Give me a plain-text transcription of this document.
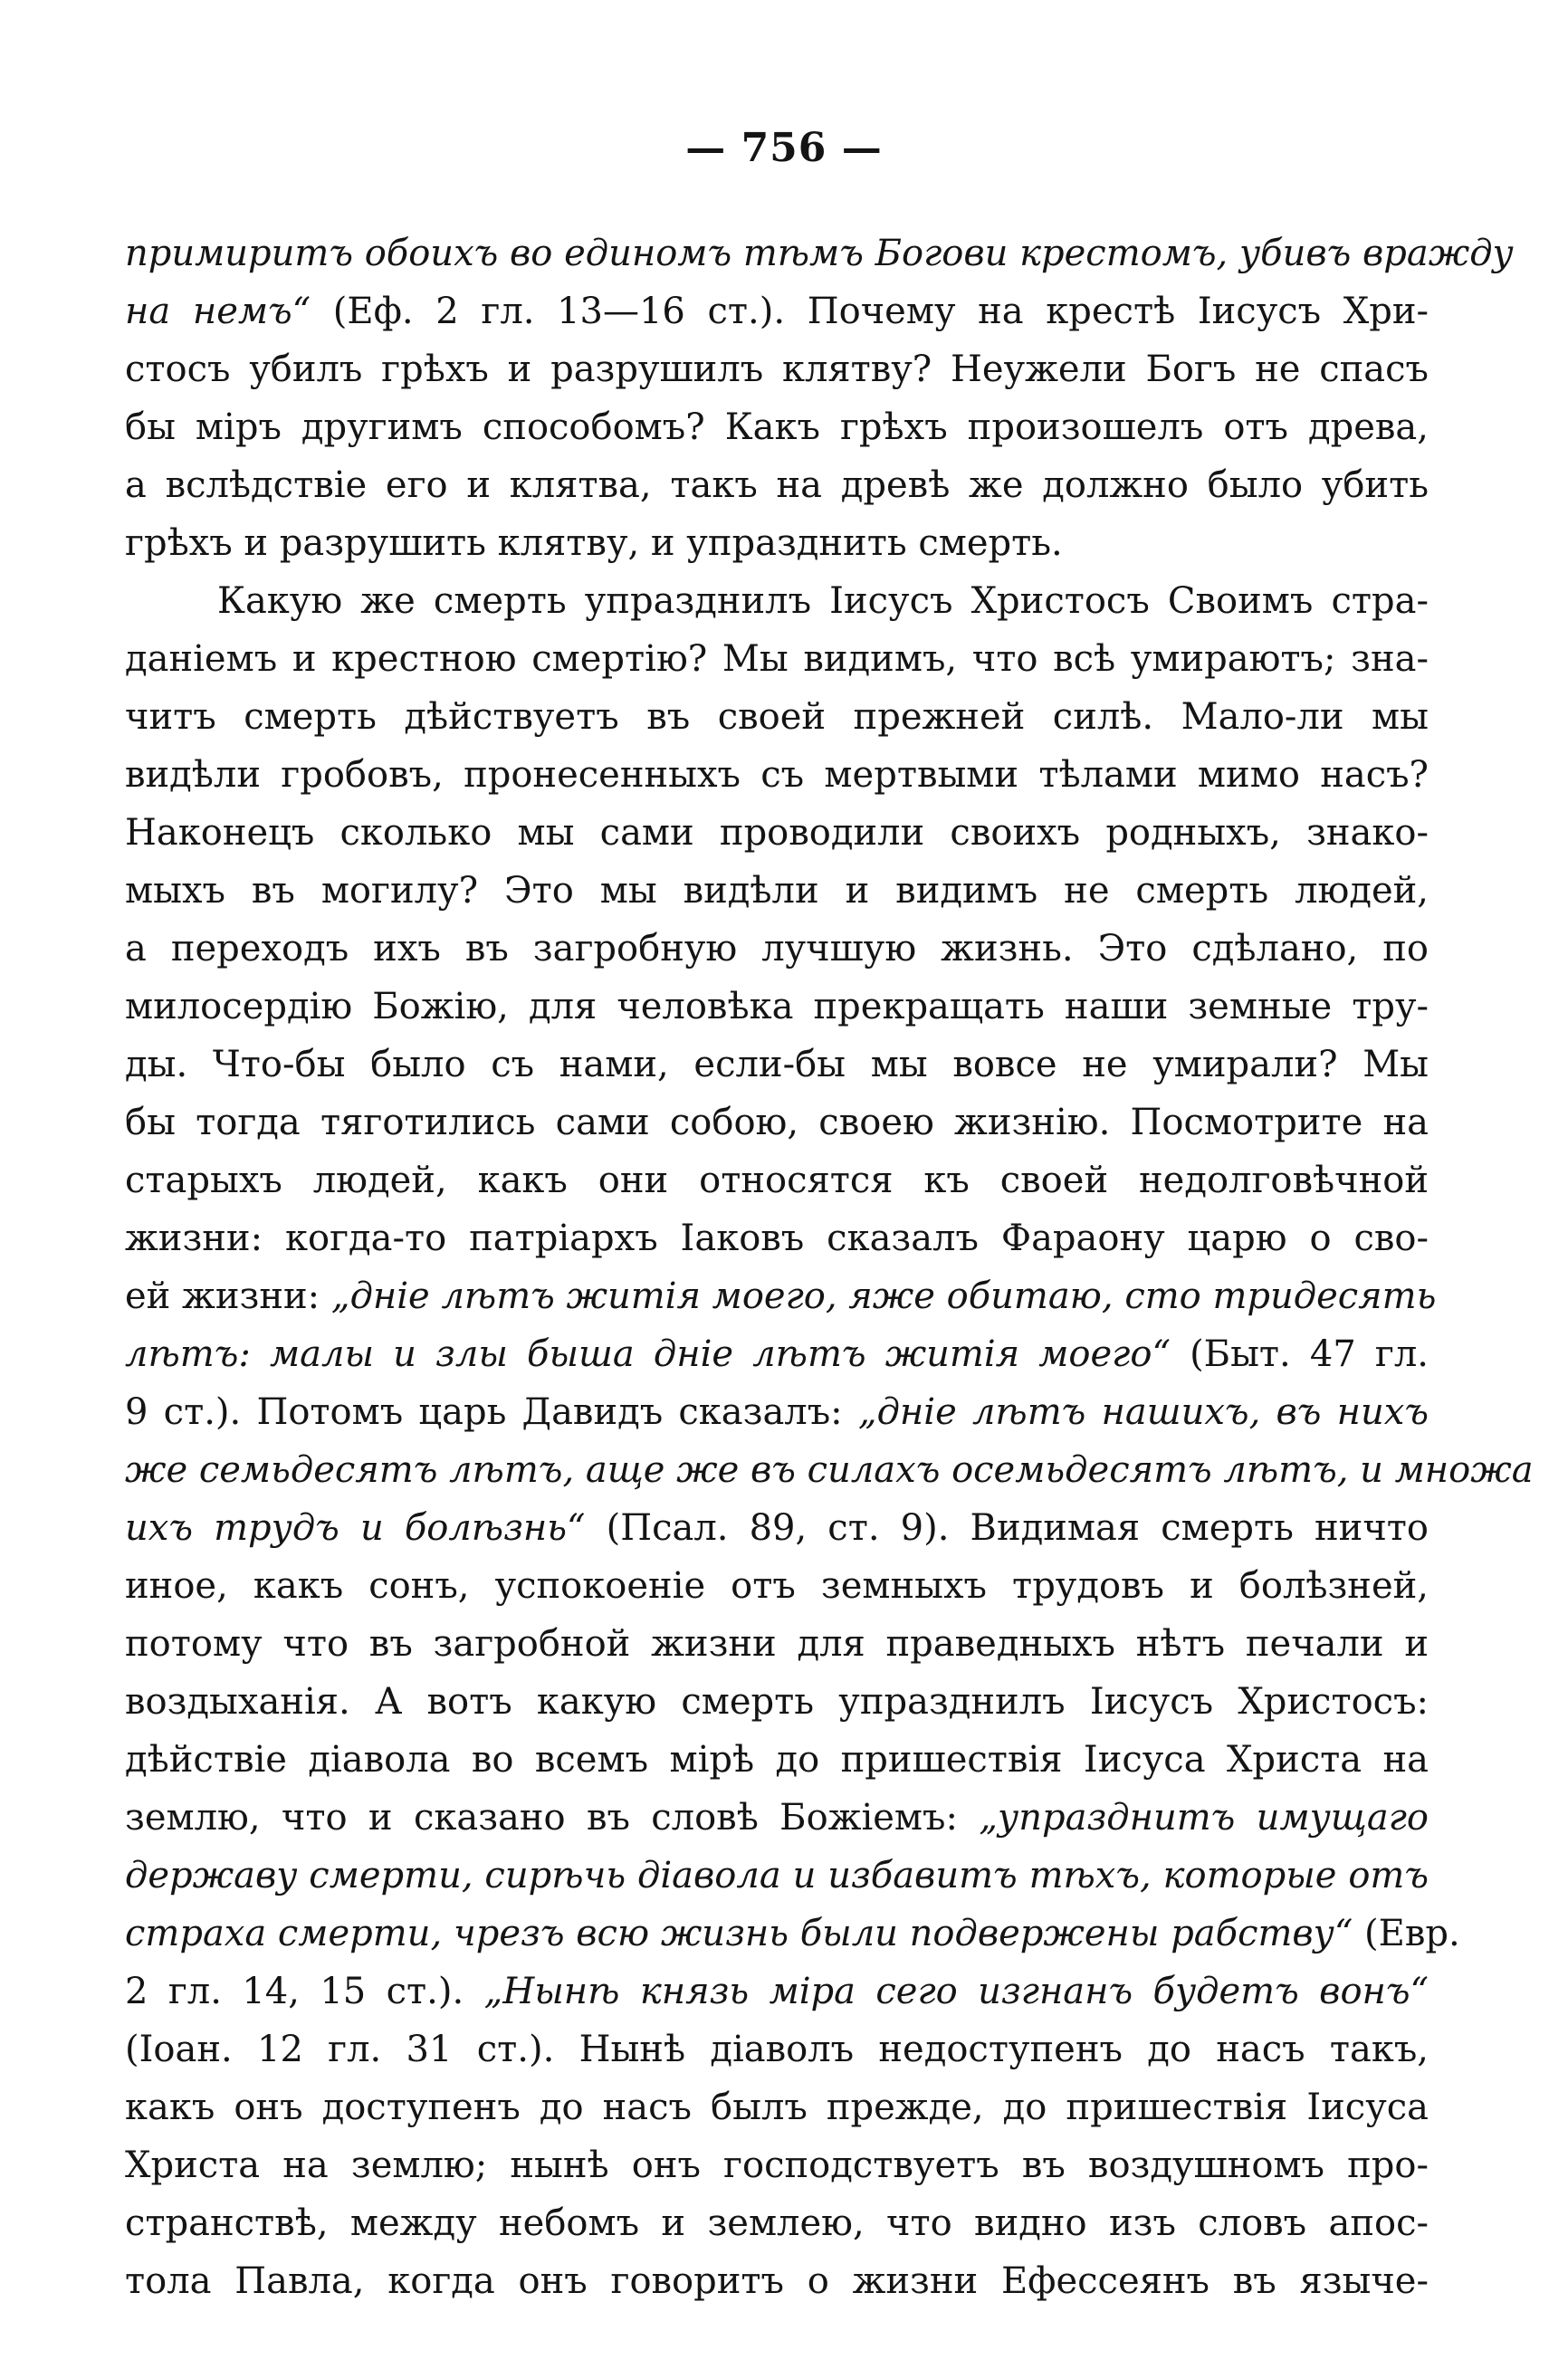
— 756 —
примиритъ обоихъ во единомъ тѣмъ Богови крестомъ, убивъ вражду
на немъ“ (Еф. 2 гл. 13—16 ст.). Почему на крестѣ Іисусъ Хри-
стосъ убилъ грѣхъ и разрушилъ клятву? Неужели Богъ не спасъ
бы міръ другимъ способомъ? Какъ грѣхъ произошелъ отъ древа,
а вслѣдствіе его и клятва, такъ на древѣ же должно было убить
грѣхъ и разрушить клятву, и упразднить смерть.
Какую же смерть упразднилъ Іисусъ Христосъ Своимъ стра-
даніемъ и крестною смертію? Мы видимъ, что всѣ умираютъ; зна-
читъ смерть дѣйствуетъ въ своей прежней силѣ. Мало-ли мы
видѣли гробовъ, пронесенныхъ съ мертвыми тѣлами мимо насъ?
Наконецъ сколько мы сами проводили своихъ родныхъ, знако-
мыхъ въ могилу? Это мы видѣли и видимъ не смерть людей,
а переходъ ихъ въ загробную лучшую жизнь. Это сдѣлано, по
милосердію Божію, для человѣка прекращать наши земные тру-
ды. Что-бы было съ нами, если-бы мы вовсе не умирали? Мы
бы тогда тяготились сами собою, своею жизнію. Посмотрите на
старыхъ людей, какъ они относятся къ своей недолговѣчной
жизни: когда-то патріархъ Іаковъ сказалъ Фараону царю о сво-
ей жизни: „дніе лѣтъ житія моего, яже обитаю, сто тридесять
лѣтъ: малы и злы быша дніе лѣтъ житія моего“ (Быт. 47 гл.
9 ст.). Потомъ царь Давидъ сказалъ: „дніе лѣтъ нашихъ, въ нихъ
же семьдесятъ лѣтъ, аще же въ силахъ осемьдесятъ лѣтъ, и множа
ихъ трудъ и болѣзнь“ (Псал. 89, ст. 9). Видимая смерть ничто
иное, какъ сонъ, успокоеніе отъ земныхъ трудовъ и болѣзней,
потому что въ загробной жизни для праведныхъ нѣтъ печали и
воздыханія. А вотъ какую смерть упразднилъ Іисусъ Христосъ:
дѣйствіе діавола во всемъ мірѣ до пришествія Іисуса Христа на
землю, что и сказано въ словѣ Божіемъ: „упразднитъ имущаго
державу смерти, сирѣчь діавола и избавитъ тѣхъ, которые отъ
страха смерти, чрезъ всю жизнь были подвержены рабству“ (Евр.
2 гл. 14, 15 ст.). „Нынѣ князь міра сего изгнанъ будетъ вонъ“
(Іоан. 12 гл. 31 ст.). Нынѣ діаволъ недоступенъ до насъ такъ,
какъ онъ доступенъ до насъ былъ прежде, до пришествія Іисуса
Христа на землю; нынѣ онъ господствуетъ въ воздушномъ про-
странствѣ, между небомъ и землею, что видно изъ словъ апос-
тола Павла, когда онъ говоритъ о жизни Ефессеянъ въ язычe-
